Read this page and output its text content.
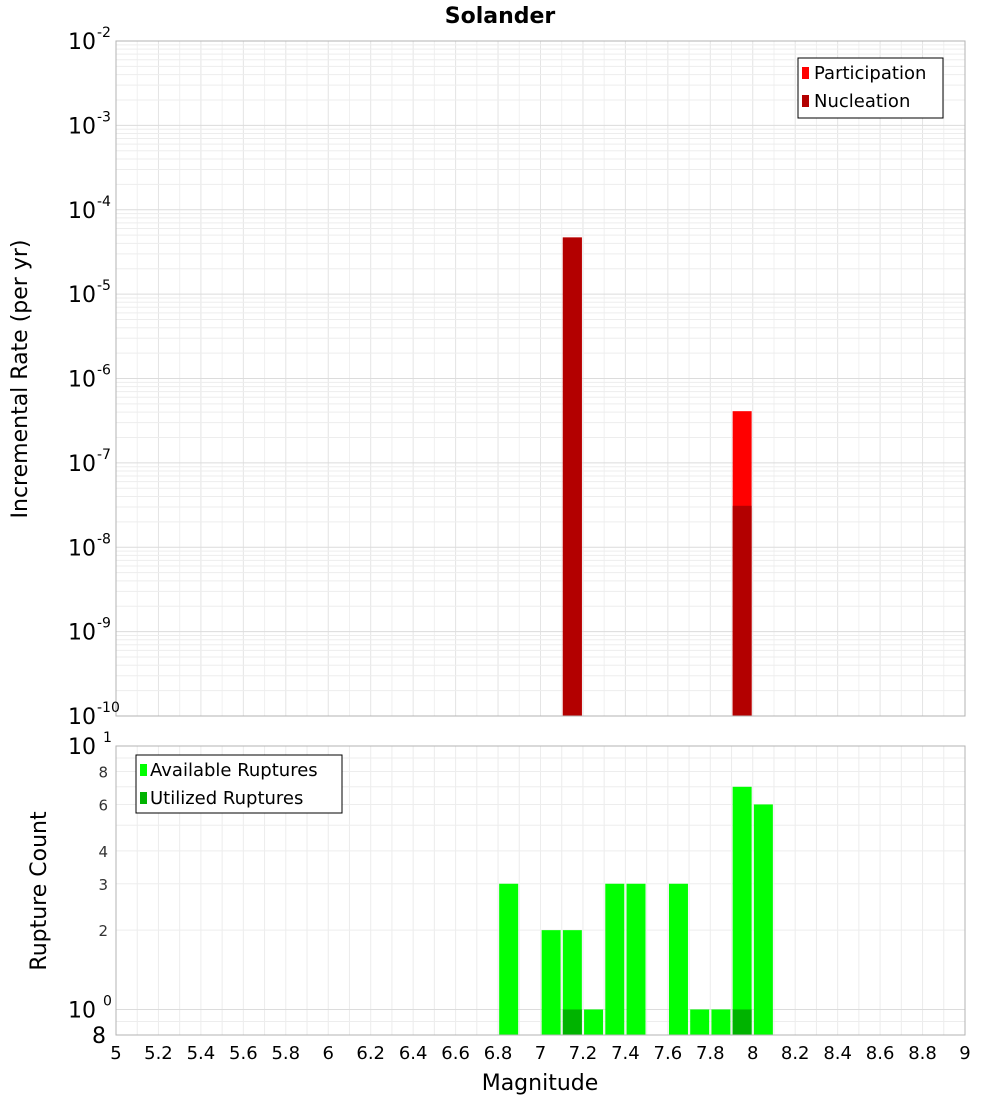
Solander
10 -10
10 -9
10 -8
10 -7
10 -6
10 -5
10 -4
10 -3
10 -2
Incremental Rate (per yr)
Participation
Nucleation
10 0
10 1
8
2
3
4
6
8
5 5.2 5.4 5.6 5.8 6 6.2 6.4 6.6 6.8 7 7.2 7.4 7.6 7.8 8 8.2 8.4 8.6 8.8 9
Rupture Count
Magnitude
Available Ruptures
Utilized Ruptures
